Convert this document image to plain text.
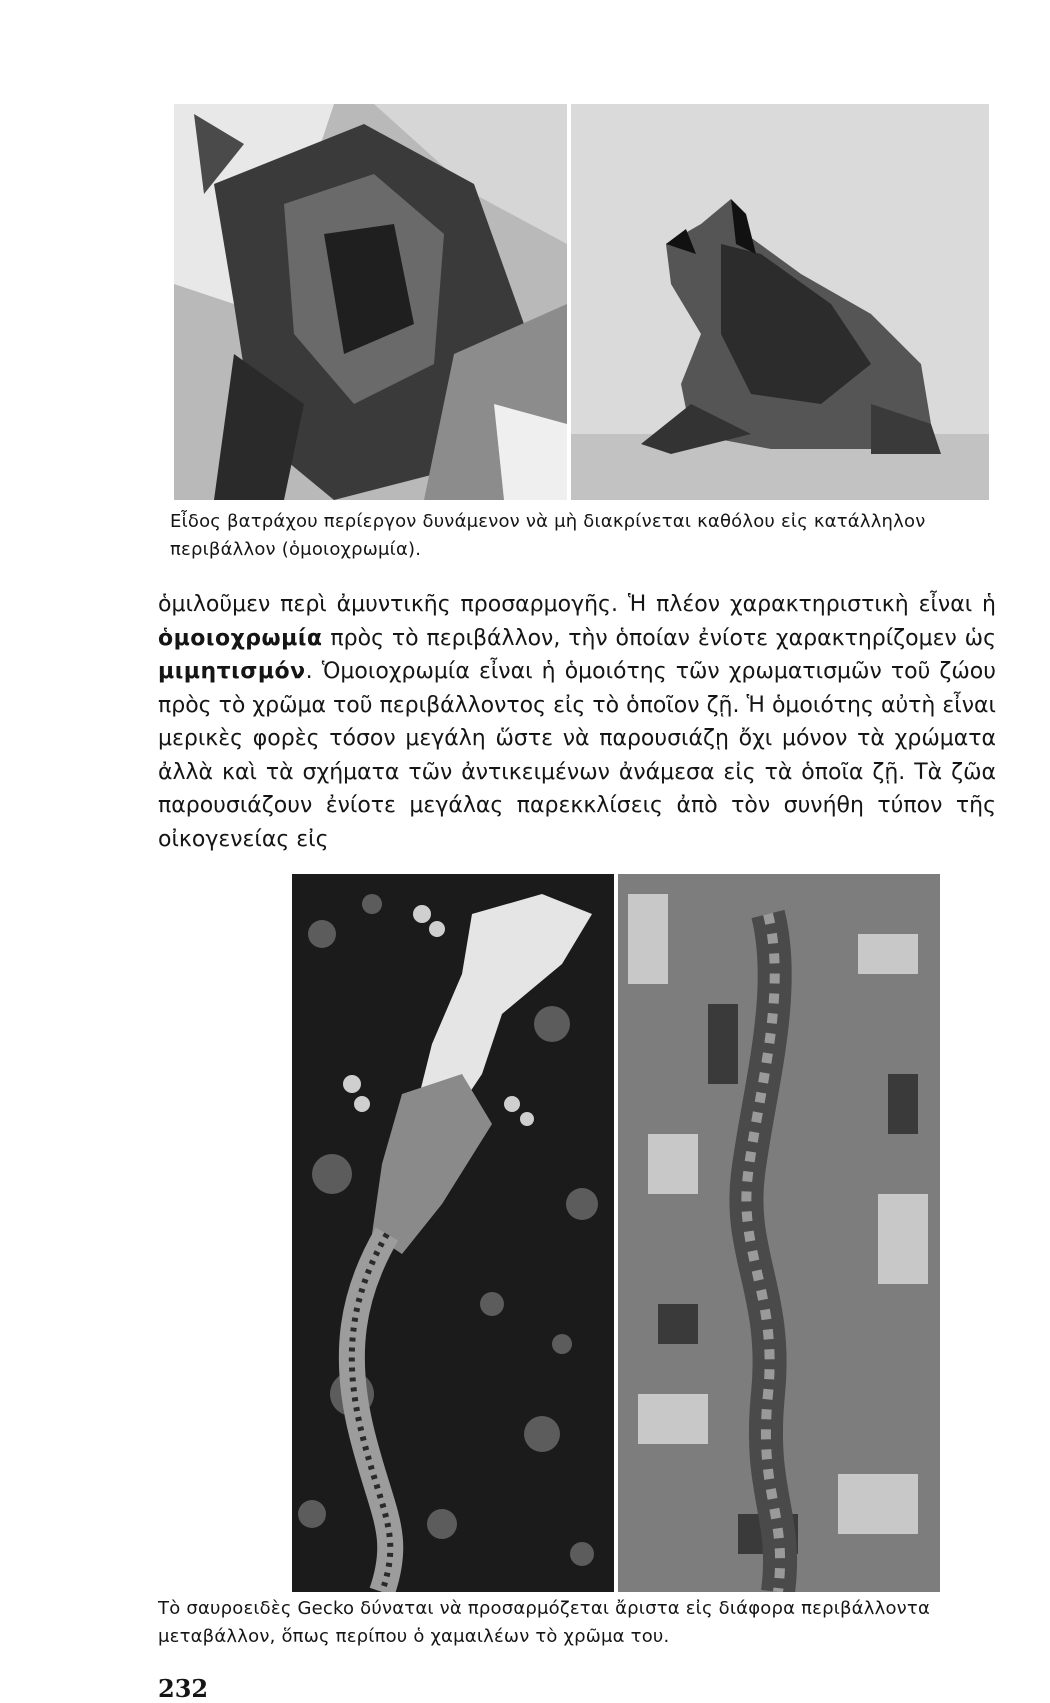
Εἶδος βατράχου περίεργον δυνάμενον νὰ μὴ διακρίνεται καθόλου εἰς κατάλληλον περιβάλλον (ὁμοιοχρωμία).

ὁμιλοῦμεν περὶ ἀμυντικῆς προσαρμογῆς. Ἡ πλέον χαρακτηριστικὴ εἶναι ἡ ὁμοιοχρωμία πρὸς τὸ περιβάλλον, τὴν ὁποίαν ἐνίοτε χαρακτηρίζομεν ὡς μιμητισμόν. Ὁμοιοχρωμία εἶναι ἡ ὁμοιότης τῶν χρωματισμῶν τοῦ ζώου πρὸς τὸ χρῶμα τοῦ περιβάλλοντος εἰς τὸ ὁποῖον ζῇ. Ἡ ὁμοιότης αὐτὴ εἶναι μερικὲς φορὲς τόσον μεγάλη ὥστε νὰ παρουσιάζῃ ὄχι μόνον τὰ χρώματα ἀλλὰ καὶ τὰ σχήματα τῶν ἀντικειμένων ἀνάμεσα εἰς τὰ ὁποῖα ζῇ. Τὰ ζῶα παρουσιάζουν ἐνίοτε μεγάλας παρεκκλίσεις ἀπὸ τὸν συνήθη τύπον τῆς οἰκογενείας εἰς

Τὸ σαυροειδὲς Gecko δύναται νὰ προσαρμόζεται ἄριστα εἰς διάφορα περιβάλλοντα μεταβάλλον, ὅπως περίπου ὁ χαμαιλέων τὸ χρῶμα του.

232
